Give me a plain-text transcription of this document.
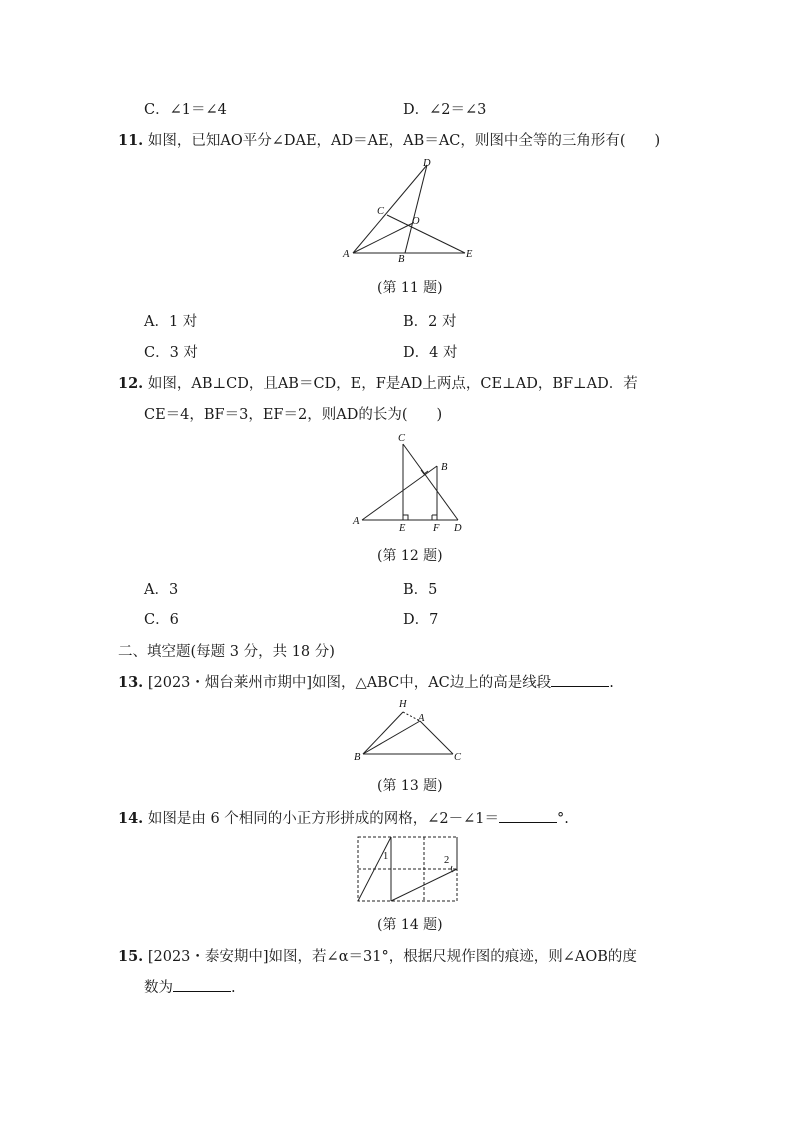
C．∠1＝∠4	D．∠2＝∠3
11. 如图，已知AO平分∠DAE，AD＝AE，AB＝AC，则图中全等的三角形有(　　)
D
C
O
A	B	E
(第 11 题)
A．1 对	B．2 对
C．3 对	D．4 对
12. 如图，AB⊥CD，且AB＝CD，E，F是AD上两点，CE⊥AD，BF⊥AD．若
CE＝4，BF＝3，EF＝2，则AD的长为(　　)
C
B
A
E	F D
(第 12 题)
A．3	B．5
C．6	D．7
二、填空题(每题 3 分，共 18 分)
13. [2023・烟台莱州市期中]如图，△ABC中，AC边上的高是线段	.
H
A
B	C
(第 13 题)
14. 如图是由 6 个相同的小正方形拼成的网格，∠2－∠1＝	°.
1	2
(第 14 题)
15. [2023・泰安期中]如图，若∠α＝31°，根据尺规作图的痕迹，则∠AOB的度
数为	.
